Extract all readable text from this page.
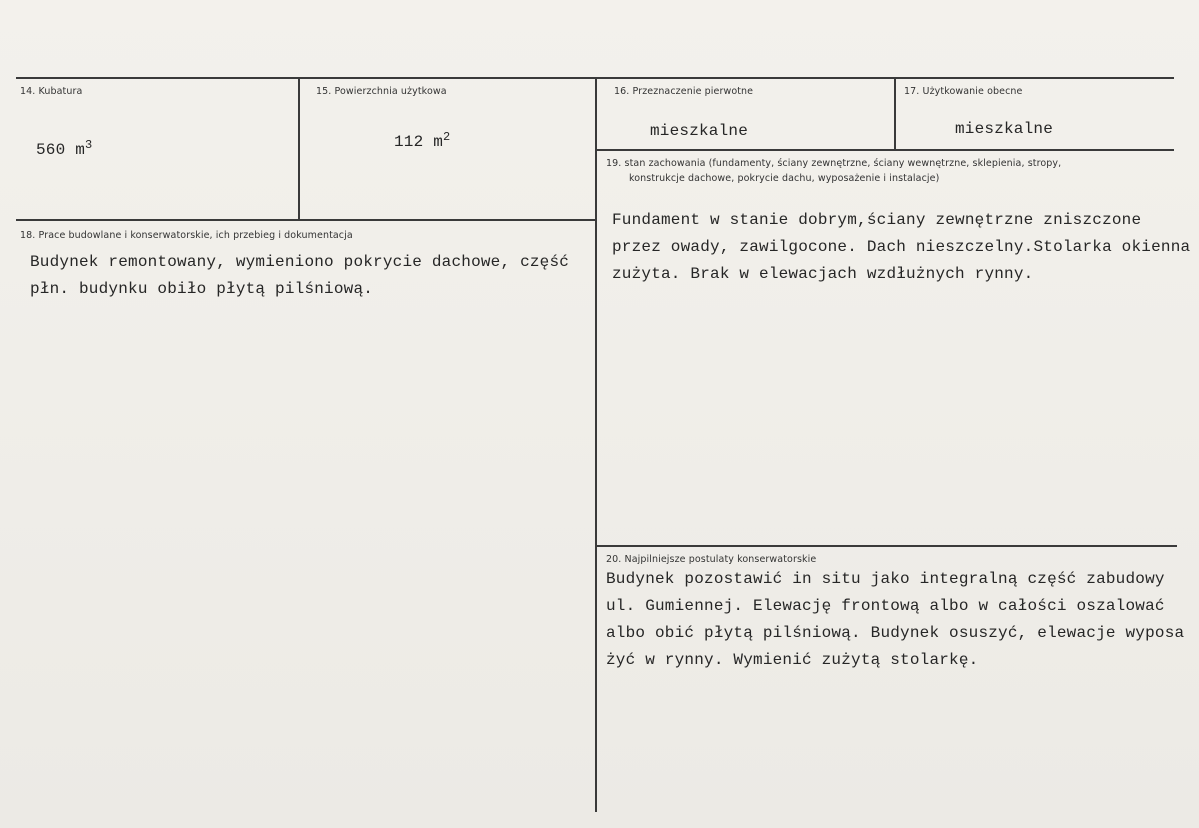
14. Kubatura
560 $m^3$
15. Powierzchnia użytkowa
112 $m^2$
16. Przeznaczenie pierwotne
mieszkalne
17. Użytkowanie obecne
mieszkalne
18. Prace budowlane i konserwatorskie, ich przebieg i dokumentacja
Budynek remontowany, wymieniono pokrycie dachowe, część
płn. budynku obiło płytą pilśniową.
19. stan zachowania (fundamenty, ściany zewnętrzne, ściany wewnętrzne, sklepienia, stropy,
konstrukcje dachowe, pokrycie dachu, wyposażenie i instalacje)
Fundament w stanie dobrym,ściany zewnętrzne zniszczone
przez owady, zawilgocone. Dach nieszczelny.Stolarka okienna
zużyta. Brak w elewacjach wzdłużnych rynny.
20. Najpilniejsze postulaty konserwatorskie
Budynek pozostawić in situ jako integralną część zabudowy
ul. Gumiennej. Elewację frontową albo w całości oszalować
albo obić płytą pilśniową. Budynek osuszyć, elewacje wyposa
żyć w rynny. Wymienić zużytą stolarkę.
